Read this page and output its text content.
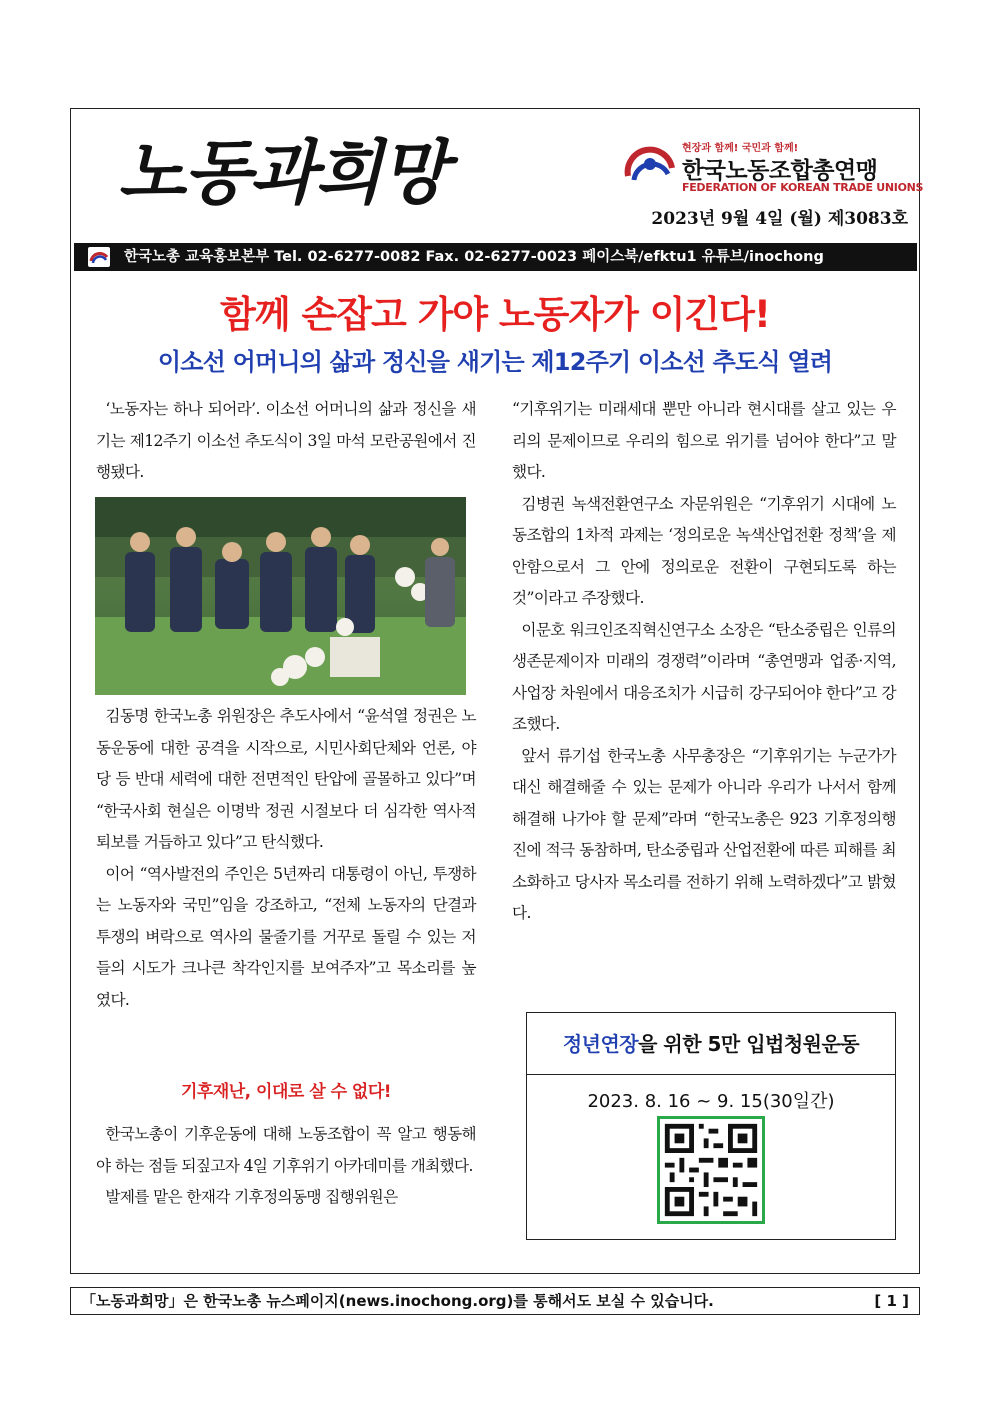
노동과희망	현장과 함께! 국민과 함께!
한국노동조합총연맹
FEDERATION OF KOREAN TRADE UNIONS
2023년 9월 4일 (월) 제3083호
한국노총 교육홍보본부 Tel. 02-6277-0082 Fax. 02-6277-0023 페이스북/efktu1 유튜브/inochong
함께 손잡고 가야 노동자가 이긴다!
이소선 어머니의 삶과 정신을 새기는 제12주기 이소선 추도식 열려

‘노동자는 하나 되어라’. 이소선 어머니의 삶과 정신을 새기는 제12주기 이소선 추도식이 3일 마석 모란공원에서 진행됐다.

김동명 한국노총 위원장은 추도사에서 “윤석열 정권은 노동운동에 대한 공격을 시작으로, 시민사회단체와 언론, 야당 등 반대 세력에 대한 전면적인 탄압에 골몰하고 있다”며 “한국사회 현실은 이명박 정권 시절보다 더 심각한 역사적 퇴보를 거듭하고 있다”고 탄식했다.

이어 “역사발전의 주인은 5년짜리 대통령이 아닌, 투쟁하는 노동자와 국민”임을 강조하고, “전체 노동자의 단결과 투쟁의 벼락으로 역사의 물줄기를 거꾸로 돌릴 수 있는 저들의 시도가 크나큰 착각인지를 보여주자”고 목소리를 높였다.

기후재난, 이대로 살 수 없다!

한국노총이 기후운동에 대해 노동조합이 꼭 알고 행동해야 하는 점들 되짚고자 4일 기후위기 아카데미를 개최했다.

발제를 맡은 한재각 기후정의동맹 집행위원은

“기후위기는 미래세대 뿐만 아니라 현시대를 살고 있는 우리의 문제이므로 우리의 힘으로 위기를 넘어야 한다”고 말했다.

김병권 녹색전환연구소 자문위원은 “기후위기 시대에 노동조합의 1차적 과제는 ‘정의로운 녹색산업전환 정책’을 제안함으로서 그 안에 정의로운 전환이 구현되도록 하는 것”이라고 주장했다.

이문호 워크인조직혁신연구소 소장은 “탄소중립은 인류의 생존문제이자 미래의 경쟁력”이라며 “총연맹과 업종·지역, 사업장 차원에서 대응조치가 시급히 강구되어야 한다”고 강조했다.

앞서 류기섭 한국노총 사무총장은 “기후위기는 누군가가 대신 해결해줄 수 있는 문제가 아니라 우리가 나서서 함께 해결해 나가야 할 문제”라며 “한국노총은 923 기후정의행진에 적극 동참하며, 탄소중립과 산업전환에 따른 피해를 최소화하고 당사자 목소리를 전하기 위해 노력하겠다”고 밝혔다.

정년연장을 위한 5만 입법청원운동
2023. 8. 16 ~ 9. 15(30일간)
「노동과희망」은 한국노총 뉴스페이지(news.inochong.org)를 통해서도 보실 수 있습니다.	[ 1 ]
